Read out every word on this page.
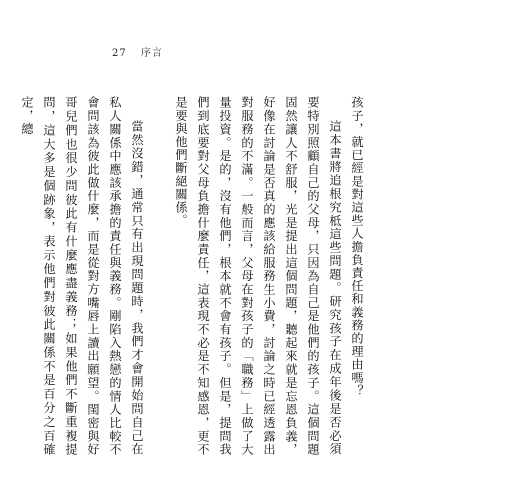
27 序言

孩子，就已經是對這些人擔負責任和義務的理由嗎？

這本書將追根究柢這些問題。研究孩子在成年後是否必須要特別照顧自己的父母，只因為自己是他們的孩子。這個問題固然讓人不舒服，光是提出這個問題，聽起來就是忘恩負義，好像在討論是否真的應該給服務生小費，討論之時已經透露出對服務的不滿。一般而言，父母在對孩子的「職務」上做了大量投資。是的，沒有他們，根本就不會有孩子。但是，提問我們到底要對父母負擔什麼責任，這表現不必是不知感恩，更不是要與他們斷絕關係。

當然沒錯，通常只有出現問題時，我們才會開始問自己在私人關係中應該承擔的責任與義務。剛陷入熱戀的情人比較不會問該為彼此做什麼，而是從對方嘴唇上讀出願望。閨密與好哥兒們也很少問彼此有什麼應盡義務；如果他們不斷重複提問，這大多是個跡象，表示他們對彼此關係不是百分之百確定，總
